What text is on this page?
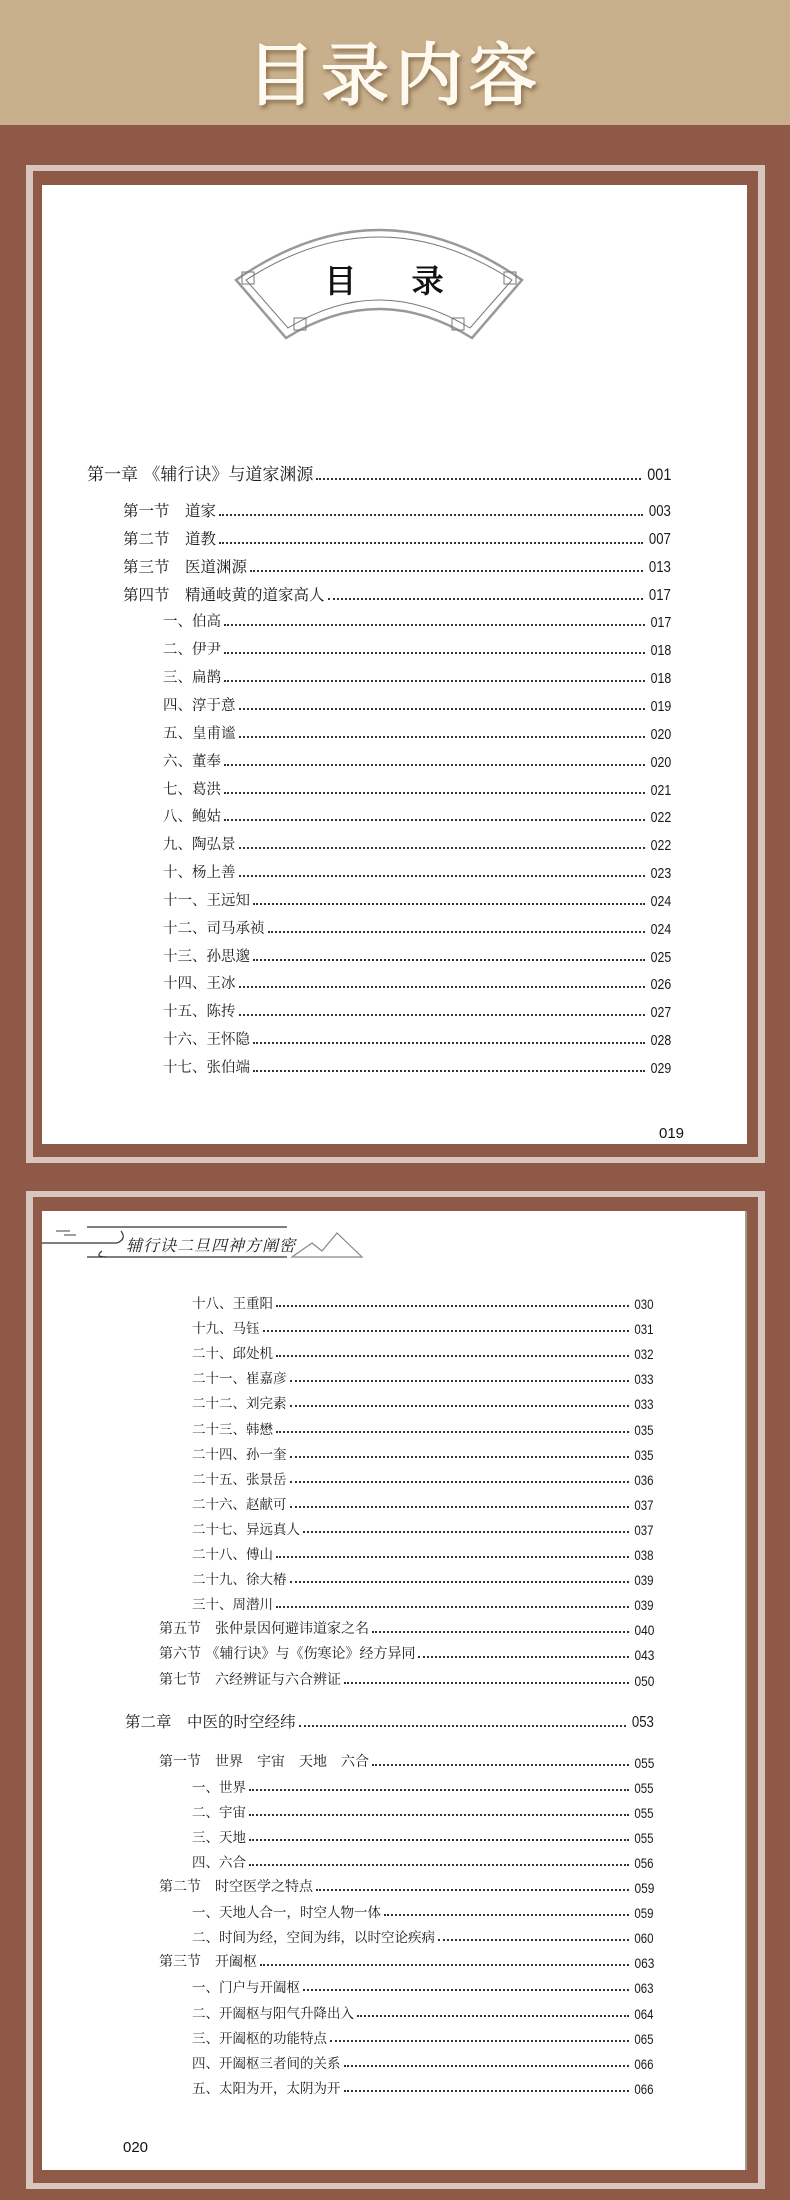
目录内容
019
第一章 《辅行诀》与道家渊源	001
第一节　道家	003
第二节　道教	007
第三节　医道渊源	013
第四节　精通岐黄的道家高人	017
一、伯高	017
二、伊尹	018
三、扁鹊	018
四、淳于意	019
五、皇甫谧	020
六、董奉	020
七、葛洪	021
八、鲍姑	022
九、陶弘景	022
十、杨上善	023
十一、王远知	024
十二、司马承祯	024
十三、孙思邈	025
十四、王冰	026
十五、陈抟	027
十六、王怀隐	028
十七、张伯端	029
目 录
020
十八、王重阳	030
十九、马钰	031
二十、邱处机	032
二十一、崔嘉彦	033
二十二、刘完素	033
二十三、韩懋	035
二十四、孙一奎	035
二十五、张景岳	036
二十六、赵献可	037
二十七、异远真人	037
二十八、傅山	038
二十九、徐大椿	039
三十、周潜川	039
第五节　张仲景因何避讳道家之名	040
第六节 《辅行诀》与《伤寒论》经方异同	043
第七节　六经辨证与六合辨证	050
第二章　中医的时空经纬	053
第一节　世界　宇宙　天地　六合	055
一、世界	055
二、宇宙	055
三、天地	055
四、六合	056
第二节　时空医学之特点	059
一、天地人合一，时空人物一体	059
二、时间为经，空间为纬，以时空论疾病	060
第三节　开阖枢	063
一、门户与开阖枢	063
二、开阖枢与阳气升降出入	064
三、开阖枢的功能特点	065
四、开阖枢三者间的关系	066
五、太阳为开，太阴为开	066
辅行诀二旦四神方阐密
